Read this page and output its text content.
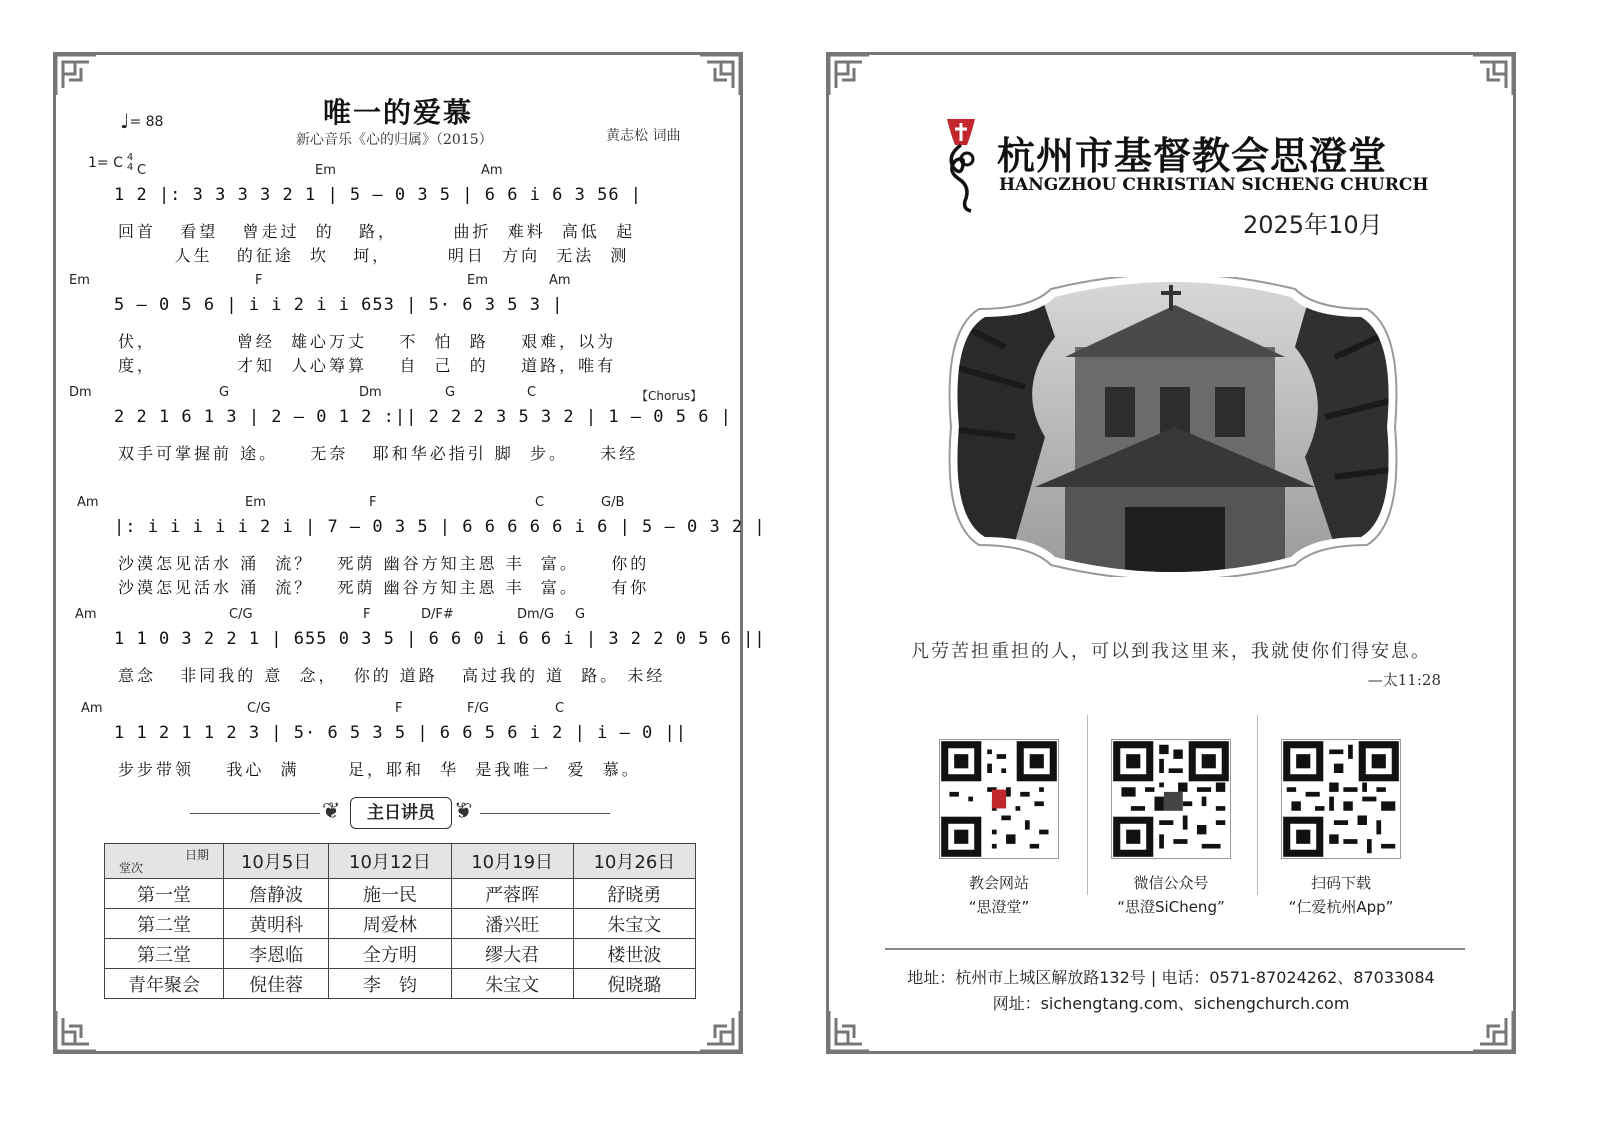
♩= 88	唯一的爱慕
新心音乐《心的归属》（2015）	黄志松 词曲
1= C 4
4
【Chorus】
C	Em	Am
1 2 |: 3 3 3 3 2 1 | 5 – 0 3 5 | 6 6 i 6 3 56 |
回首   看望   曾走过  的   路，       曲折  难料  高低  起
人生   的征途  坎   坷，       明日  方向  无法  测
Em	F	Em	Am
5 – 0 5 6 | i i 2 i i 653 | 5· 6 3 5 3 |
伏，          曾经  雄心万丈    不  怕  路    艰难，以为
度，          才知  人心筹算    自  己  的    道路，唯有
Dm	G	Dm	G	C
2 2 1 6 1 3 | 2 – 0 1 2 :|| 2 2 2 3 5 3 2 | 1 – 0 5 6 |
双手可掌握前 途。    无奈   耶和华必指引 脚  步。    未经
Am	Em	F	C	G/B
|: i i i i i 2 i | 7 – 0 3 5 | 6 6 6 6 6 i 6 | 5 – 0 3 2 |
沙漠怎见活水 涌  流？   死荫 幽谷方知主恩 丰  富。    你的
沙漠怎见活水 涌  流？   死荫 幽谷方知主恩 丰  富。    有你
Am	C/G	F	D/F#	Dm/G G
1 1 0 3 2 2 1 | 655 0 3 5 | 6 6 0 i 6 6 i | 3 2 2 0 5 6 ||
意念   非同我的 意  念，  你的 道路   高过我的 道  路。 未经
Am	C/G	F	F/G	C
1 1 2 1 1 2 3 | 5· 6 5 3 5 | 6 6 5 6 i 2 | i – 0 ||
步步带领    我心  满      足，耶和  华  是我唯一  爱  慕。
❦	主日讲员 ❦
日期
堂次	10月5日	10月12日	10月19日	10月26日
第一堂	詹静波	施一民	严蓉晖	舒晓勇
第二堂	黄明科	周爱林	潘兴旺	朱宝文
第三堂	李恩临	全方明	缪大君	楼世波
青年聚会	倪佳蓉	李　钧	朱宝文	倪晓璐
杭州市基督教会思澄堂
HANGZHOU CHRISTIAN SICHENG CHURCH
2025年10月
凡劳苦担重担的人，可以到我这里来，我就使你们得安息。
—太11:28
教会网站
“思澄堂”
微信公众号
“思澄SiCheng”
扫码下载
“仁爱杭州App”
地址：杭州市上城区解放路132号 | 电话：0571-87024262、87033084
网址：sichengtang.com、sichengchurch.com
